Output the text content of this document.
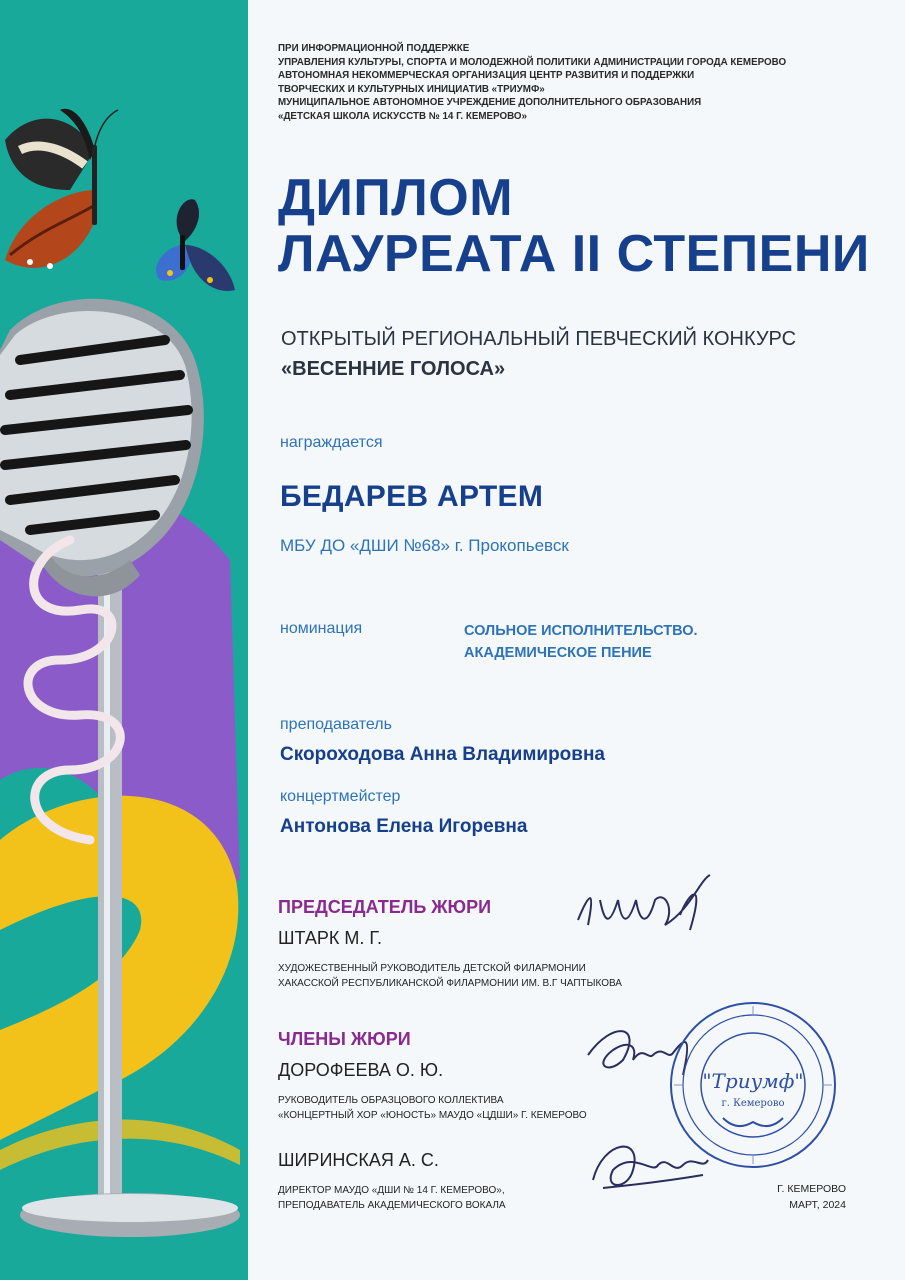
ПРИ ИНФОРМАЦИОННОЙ ПОДДЕРЖКЕ
УПРАВЛЕНИЯ КУЛЬТУРЫ, СПОРТА И МОЛОДЕЖНОЙ ПОЛИТИКИ АДМИНИСТРАЦИИ ГОРОДА КЕМЕРОВО
АВТОНОМНАЯ НЕКОММЕРЧЕСКАЯ ОРГАНИЗАЦИЯ ЦЕНТР РАЗВИТИЯ И ПОДДЕРЖКИ
ТВОРЧЕСКИХ И КУЛЬТУРНЫХ ИНИЦИАТИВ «ТРИУМФ»
МУНИЦИПАЛЬНОЕ АВТОНОМНОЕ УЧРЕЖДЕНИЕ ДОПОЛНИТЕЛЬНОГО ОБРАЗОВАНИЯ
«ДЕТСКАЯ ШКОЛА ИСКУССТВ № 14 Г. КЕМЕРОВО»
ДИПЛОМ
ЛАУРЕАТА II СТЕПЕНИ
ОТКРЫТЫЙ РЕГИОНАЛЬНЫЙ ПЕВЧЕСКИЙ КОНКУРС
«ВЕСЕННИЕ ГОЛОСА»
награждается
БЕДАРЕВ АРТЕМ
МБУ ДО «ДШИ №68» г. Прокопьевск
номинация	СОЛЬНОЕ ИСПОЛНИТЕЛЬСТВО.
АКАДЕМИЧЕСКОЕ ПЕНИЕ
преподаватель
Скороходова Анна Владимировна
концертмейстер
Антонова Елена Игоревна
ПРЕДСЕДАТЕЛЬ ЖЮРИ
ШТАРК М. Г.
ХУДОЖЕСТВЕННЫЙ РУКОВОДИТЕЛЬ ДЕТСКОЙ ФИЛАРМОНИИ
ХАКАССКОЙ РЕСПУБЛИКАНСКОЙ ФИЛАРМОНИИ ИМ. В.Г ЧАПТЫКОВА
ЧЛЕНЫ ЖЮРИ
ДОРОФЕЕВА О. Ю.
РУКОВОДИТЕЛЬ ОБРАЗЦОВОГО КОЛЛЕКТИВА
«КОНЦЕРТНЫЙ ХОР «ЮНОСТЬ» МАУДО «ЦДШИ» Г. КЕМЕРОВО
ШИРИНСКАЯ А. С.
ДИРЕКТОР МАУДО «ДШИ № 14 Г. КЕМЕРОВО»,
ПРЕПОДАВАТЕЛЬ АКАДЕМИЧЕСКОГО ВОКАЛА
Г. КЕМЕРОВО
МАРТ, 2024
"Триумф"
г. Кемерово
